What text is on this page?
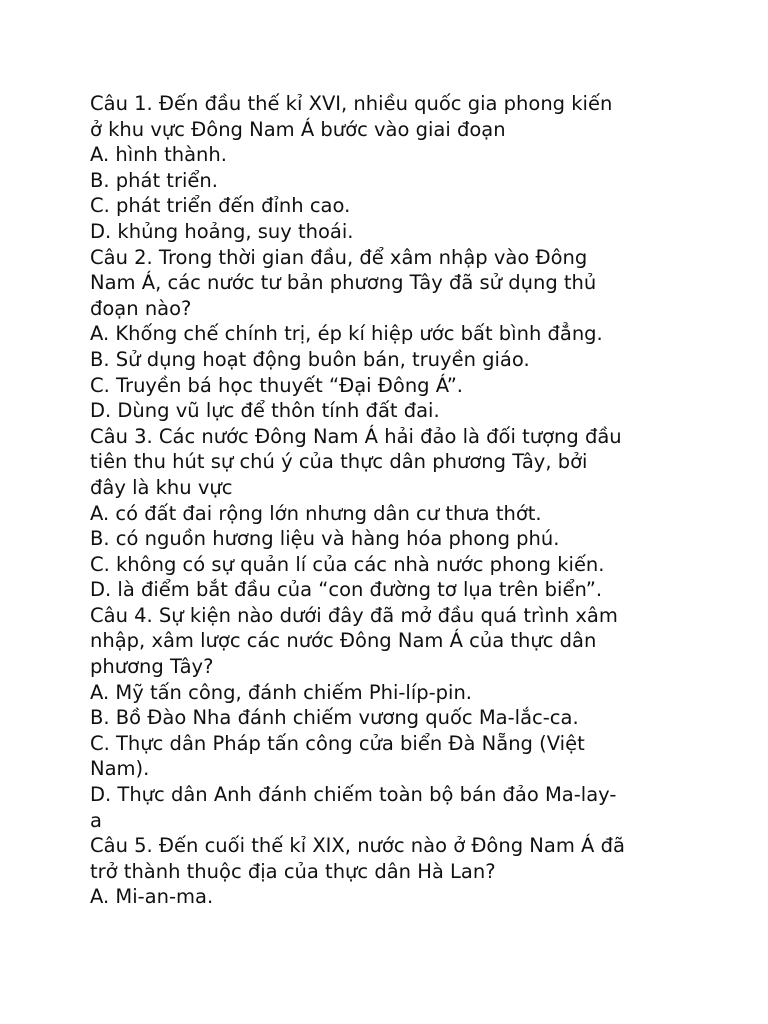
Câu 1. Đến đầu thế kỉ XVI, nhiều quốc gia phong kiến
ở khu vực Đông Nam Á bước vào giai đoạn
A. hình thành.
B. phát triển.
C. phát triển đến đỉnh cao.
D. khủng hoảng, suy thoái.
Câu 2. Trong thời gian đầu, để xâm nhập vào Đông
Nam Á, các nước tư bản phương Tây đã sử dụng thủ
đoạn nào?
A. Khống chế chính trị, ép kí hiệp ước bất bình đẳng.
B. Sử dụng hoạt động buôn bán, truyền giáo.
C. Truyền bá học thuyết “Đại Đông Á”.
D. Dùng vũ lực để thôn tính đất đai.
Câu 3. Các nước Đông Nam Á hải đảo là đối tượng đầu
tiên thu hút sự chú ý của thực dân phương Tây, bởi
đây là khu vực
A. có đất đai rộng lớn nhưng dân cư thưa thớt.
B. có nguồn hương liệu và hàng hóa phong phú.
C. không có sự quản lí của các nhà nước phong kiến.
D. là điểm bắt đầu của “con đường tơ lụa trên biển”.
Câu 4. Sự kiện nào dưới đây đã mở đầu quá trình xâm
nhập, xâm lược các nước Đông Nam Á của thực dân
phương Tây?
A. Mỹ tấn công, đánh chiếm Phi-líp-pin.
B. Bồ Đào Nha đánh chiếm vương quốc Ma-lắc-ca.
C. Thực dân Pháp tấn công cửa biển Đà Nẵng (Việt
Nam).
D. Thực dân Anh đánh chiếm toàn bộ bán đảo Ma-lay-
a
Câu 5. Đến cuối thế kỉ XIX, nước nào ở Đông Nam Á đã
trở thành thuộc địa của thực dân Hà Lan?
A. Mi-an-ma.
